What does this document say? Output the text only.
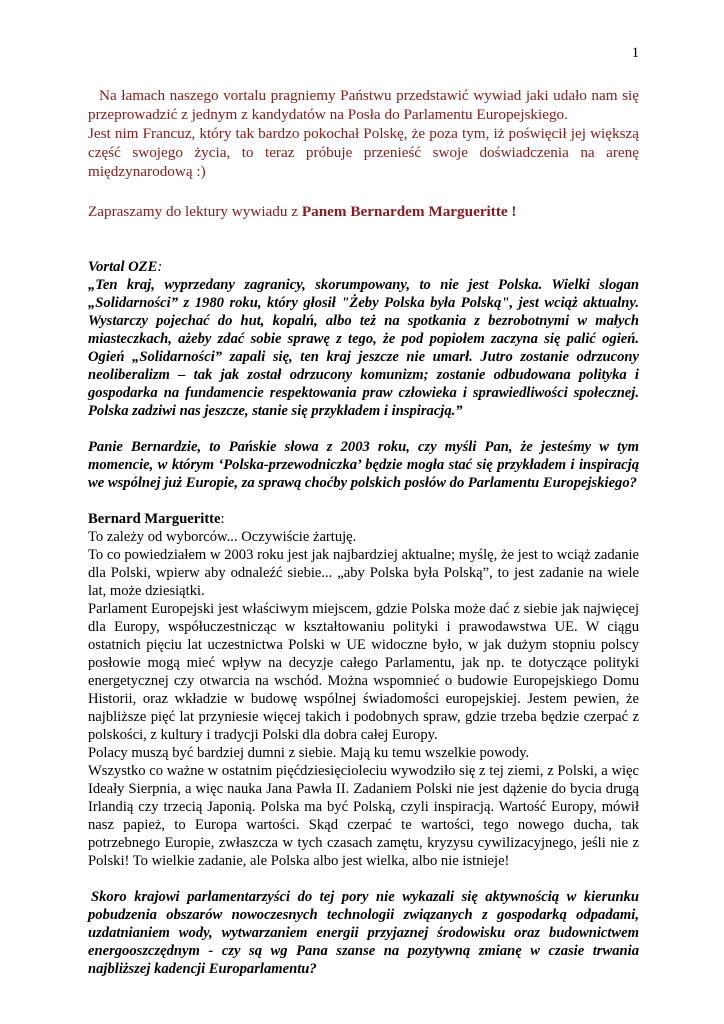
1

Na łamach naszego vortalu pragniemy Państwu przedstawić wywiad jaki udało nam się przeprowadzić z jednym z kandydatów na Posła do Parlamentu Europejskiego.

Jest nim Francuz, który tak bardzo pokochał Polskę, że poza tym, iż poświęcił jej większą część swojego życia, to teraz próbuje przenieść swoje doświadczenia na arenę międzynarodową :)

Zapraszamy do lektury wywiadu z Panem Bernardem Margueritte !

Vortal OZE:

„Ten kraj, wyprzedany zagranicy, skorumpowany, to nie jest Polska. Wielki slogan „Solidarności” z 1980 roku, który głosił "Żeby Polska była Polską", jest wciąż aktualny. Wystarczy pojechać do hut, kopalń, albo też na spotkania z bezrobotnymi w małych miasteczkach, ażeby zdać sobie sprawę z tego, że pod popiołem zaczyna się palić ogień. Ogień „Solidarności” zapali się, ten kraj jeszcze nie umarł. Jutro zostanie odrzucony neoliberalizm – tak jak został odrzucony komunizm; zostanie odbudowana polityka i gospodarka na fundamencie respektowania praw człowieka i sprawiedliwości społecznej. Polska zadziwi nas jeszcze, stanie się przykładem i inspiracją.”

Panie Bernardzie, to Pańskie słowa z 2003 roku, czy myśli Pan, że jesteśmy w tym momencie, w którym ‘Polska-przewodniczka’ będzie mogła stać się przykładem i inspiracją we wspólnej już Europie, za sprawą choćby polskich posłów do Parlamentu Europejskiego?

Bernard Margueritte:

To zależy od wyborców... Oczywiście żartuję.

To co powiedziałem w 2003 roku jest jak najbardziej aktualne; myślę, że jest to wciąż zadanie dla Polski, wpierw aby odnaleźć siebie... „aby Polska była Polską”, to jest zadanie na wiele lat, może dziesiątki.

Parlament Europejski jest właściwym miejscem, gdzie Polska może dać z siebie jak najwięcej dla Europy, współuczestnicząc w kształtowaniu polityki i prawodawstwa UE. W ciągu ostatnich pięciu lat uczestnictwa Polski w UE widoczne było, w jak dużym stopniu polscy posłowie mogą mieć wpływ na decyzje całego Parlamentu, jak np. te dotyczące polityki energetycznej czy otwarcia na wschód. Można wspomnieć o budowie Europejskiego Domu Historii, oraz wkładzie w budowę wspólnej świadomości europejskiej. Jestem pewien, że najbliższe pięć lat przyniesie więcej takich i podobnych spraw, gdzie trzeba będzie czerpać z polskości, z kultury i tradycji Polski dla dobra całej Europy.

Polacy muszą być bardziej dumni z siebie. Mają ku temu wszelkie powody.

Wszystko co ważne w ostatnim pięćdziesięcioleciu wywodziło się z tej ziemi, z Polski, a więc Ideały Sierpnia, a więc nauka Jana Pawła II. Zadaniem Polski nie jest dążenie do bycia drugą Irlandią czy trzecią Japonią. Polska ma być Polską, czyli inspiracją. Wartość Europy, mówił nasz papież, to Europa wartości. Skąd czerpać te wartości, tego nowego ducha, tak potrzebnego Europie, zwłaszcza w tych czasach zamętu, kryzysu cywilizacyjnego, jeśli nie z Polski! To wielkie zadanie, ale Polska albo jest wielka, albo nie istnieje!

Skoro krajowi parlamentarzyści do tej pory nie wykazali się aktywnością w kierunku pobudzenia obszarów nowoczesnych technologii związanych z gospodarką odpadami, uzdatnianiem wody, wytwarzaniem energii przyjaznej środowisku oraz budownictwem energooszczędnym - czy są wg Pana szanse na pozytywną zmianę w czasie trwania najbliższej kadencji Europarlamentu?
